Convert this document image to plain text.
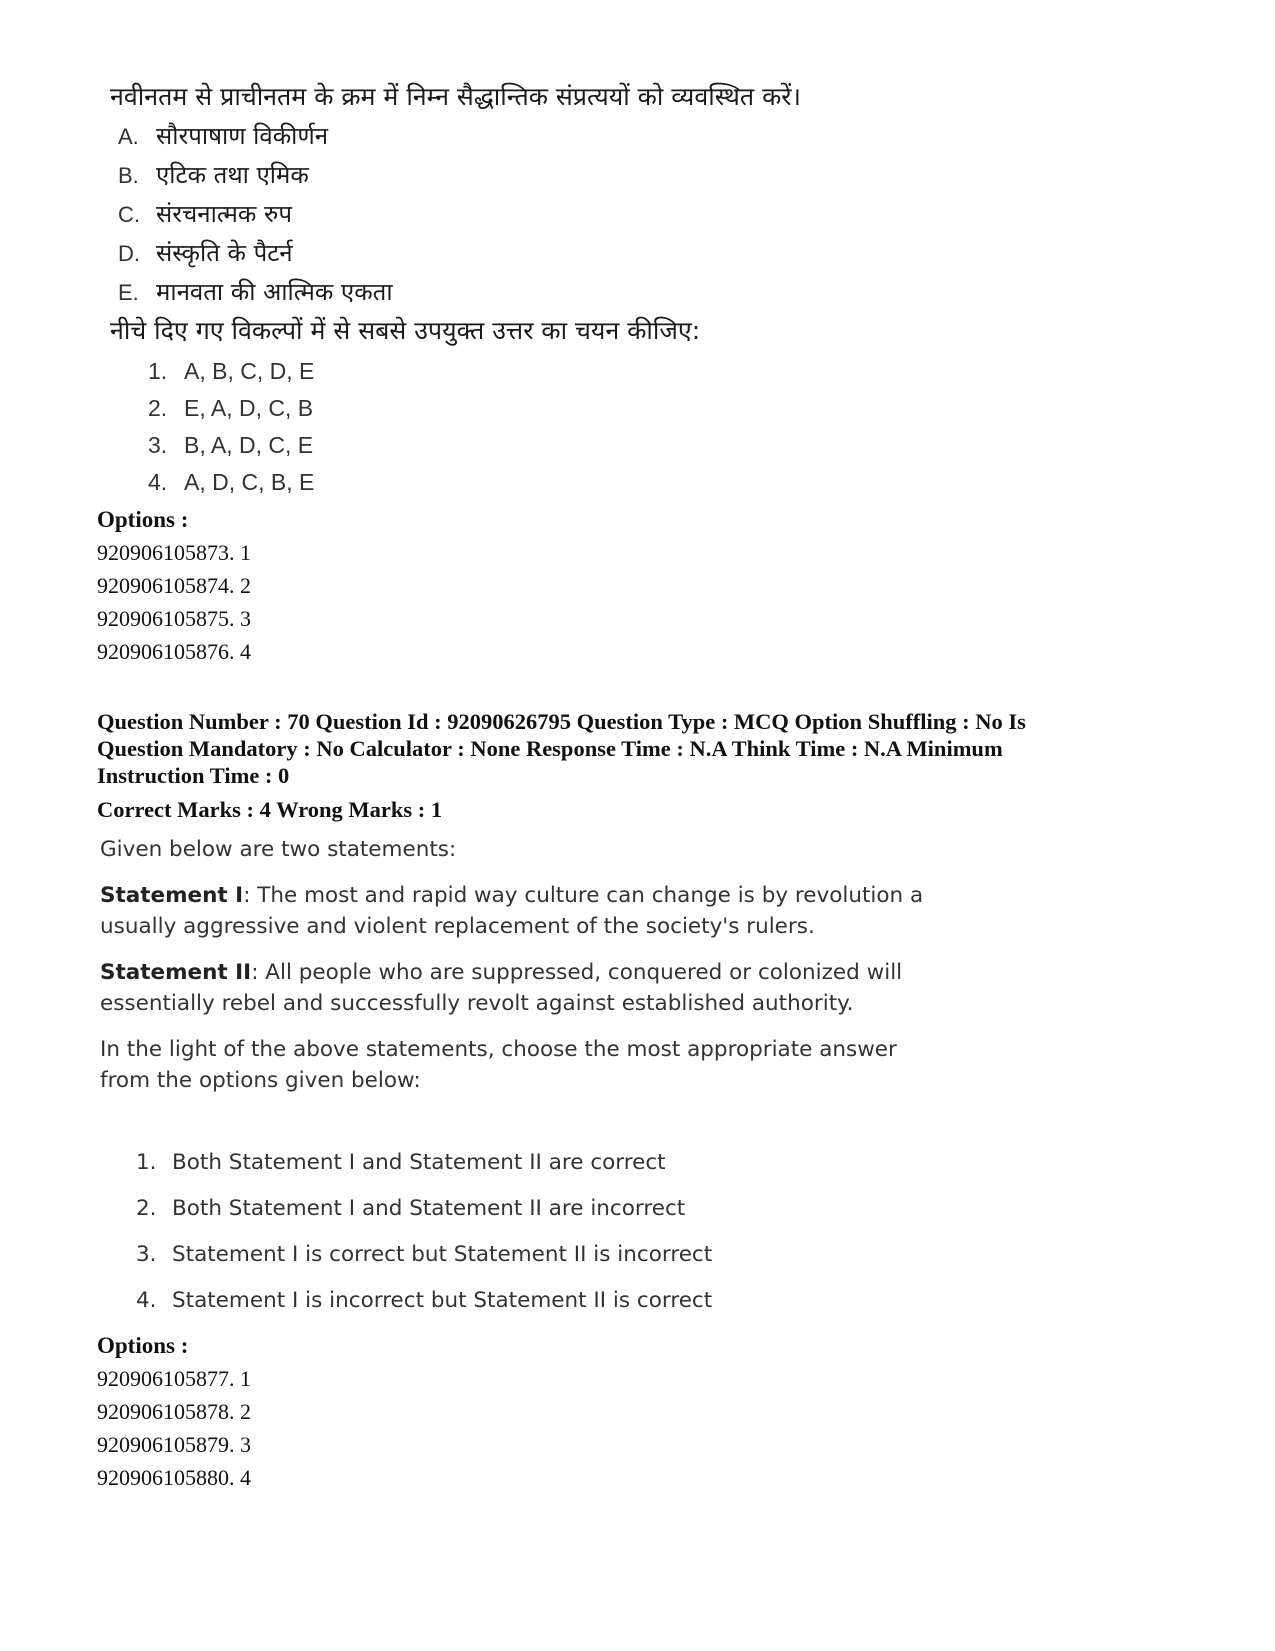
नवीनतम से प्राचीनतम के क्रम में निम्न सैद्धान्तिक संप्रत्ययों को व्यवस्थित करें।
A. सौरपाषाण विकीर्णन
B. एटिक तथा एमिक
C. संरचनात्मक रुप
D. संस्कृति के पैटर्न
E. मानवता की आत्मिक एकता
नीचे दिए गए विकल्पों में से सबसे उपयुक्त उत्तर का चयन कीजिए:
1. A, B, C, D, E
2. E, A, D, C, B
3. B, A, D, C, E
4. A, D, C, B, E
Options :
920906105873. 1
920906105874. 2
920906105875. 3
920906105876. 4
Question Number : 70 Question Id : 92090626795 Question Type : MCQ Option Shuffling : No Is
Question Mandatory : No Calculator : None Response Time : N.A Think Time : N.A Minimum
Instruction Time : 0
Correct Marks : 4 Wrong Marks : 1

Given below are two statements:

Statement I: The most and rapid way culture can change is by revolution a

usually aggressive and violent replacement of the society's rulers.

Statement II: All people who are suppressed, conquered or colonized will

essentially rebel and successfully revolt against established authority.

In the light of the above statements, choose the most appropriate answer

from the options given below:

1. Both Statement I and Statement II are correct
2. Both Statement I and Statement II are incorrect
3. Statement I is correct but Statement II is incorrect
4. Statement I is incorrect but Statement II is correct
Options :
920906105877. 1
920906105878. 2
920906105879. 3
920906105880. 4
